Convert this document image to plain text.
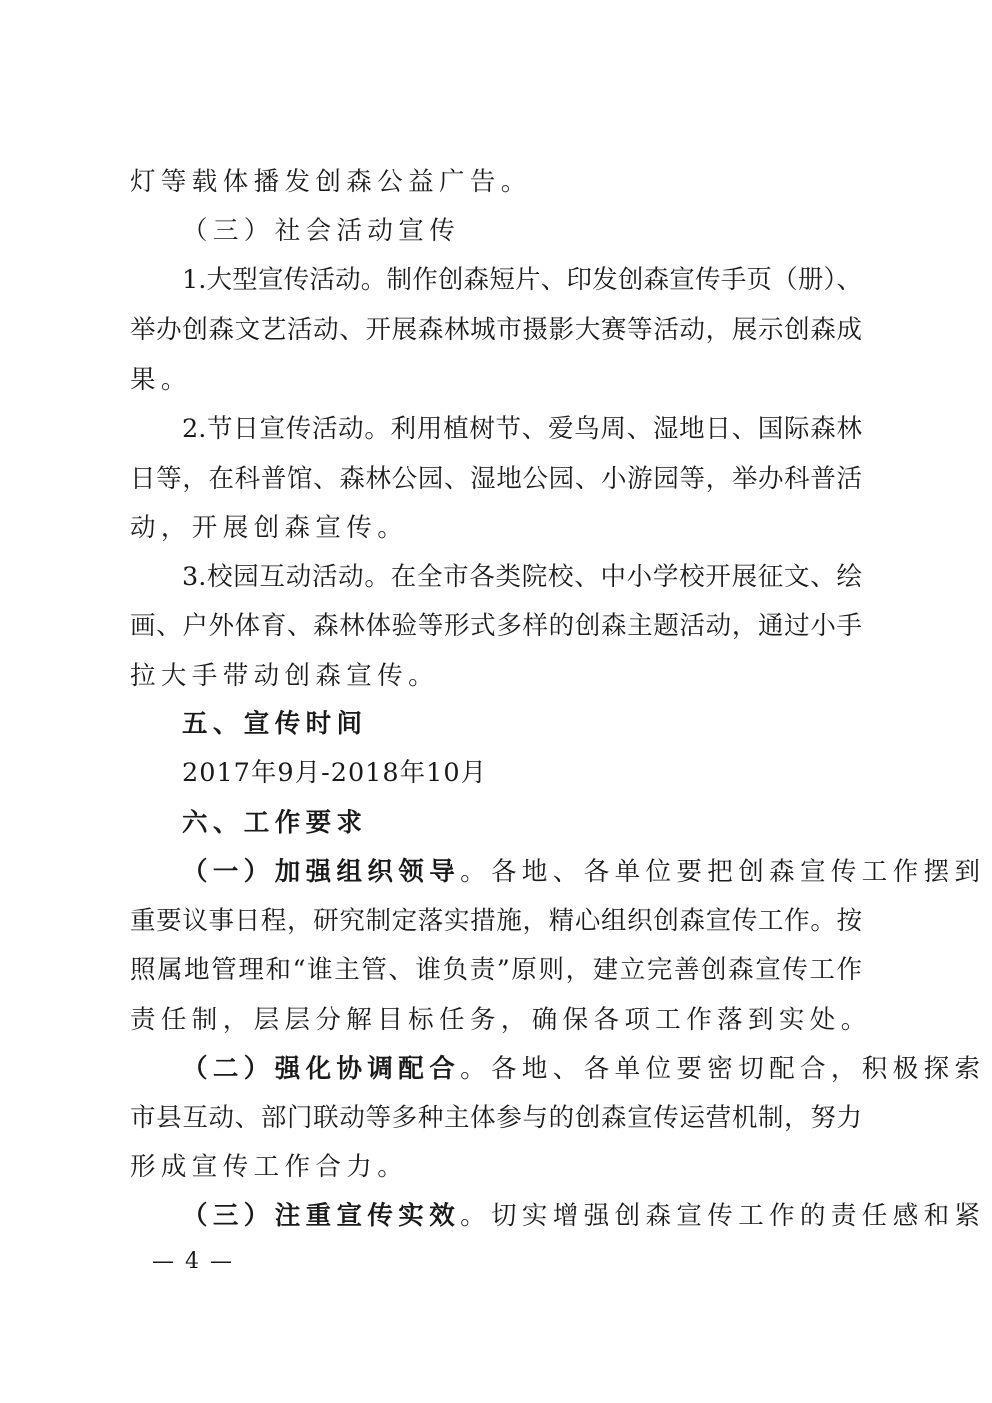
灯等载体播发创森公益广告。
（三）社会活动宣传
1.大型宣传活动。制作创森短片、印发创森宣传手页（册）、
举办创森文艺活动、开展森林城市摄影大赛等活动，展示创森成
果。
2.节日宣传活动。利用植树节、爱鸟周、湿地日、国际森林
日等，在科普馆、森林公园、湿地公园、小游园等，举办科普活
动，开展创森宣传。
3.校园互动活动。在全市各类院校、中小学校开展征文、绘
画、户外体育、森林体验等形式多样的创森主题活动，通过小手
拉大手带动创森宣传。
五、宣传时间
2017年9月-2018年10月
六、工作要求
（一）加强组织领导。各地、各单位要把创森宣传工作摆到
重要议事日程，研究制定落实措施，精心组织创森宣传工作。按
照属地管理和“谁主管、谁负责”原则，建立完善创森宣传工作
责任制，层层分解目标任务，确保各项工作落到实处。
（二）强化协调配合。各地、各单位要密切配合，积极探索
市县互动、部门联动等多种主体参与的创森宣传运营机制，努力
形成宣传工作合力。
（三）注重宣传实效。切实增强创森宣传工作的责任感和紧
— 4 —
